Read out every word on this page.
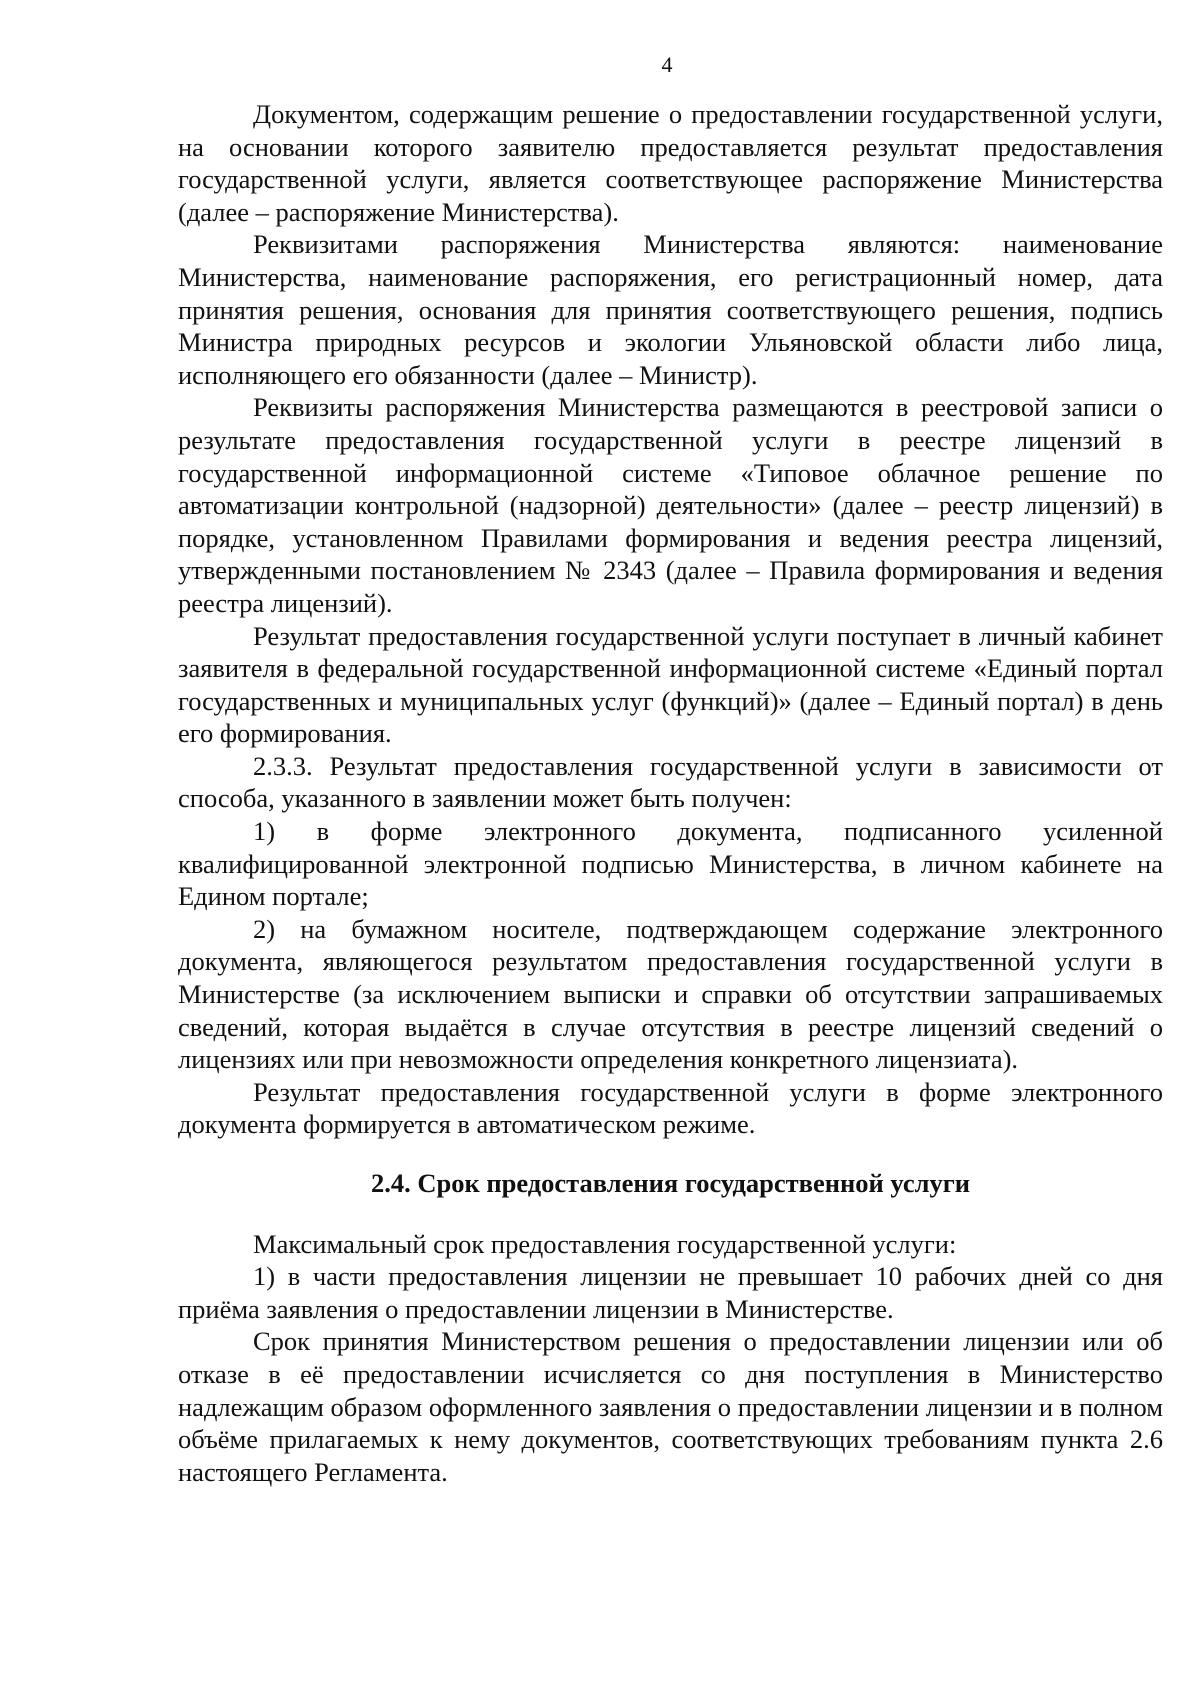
4

Документом, содержащим решение о предоставлении государственной услуги, на основании которого заявителю предоставляется результат предоставления государственной услуги, является соответствующее распоряжение Министерства (далее – распоряжение Министерства).

Реквизитами распоряжения Министерства являются: наименование Министерства, наименование распоряжения, его регистрационный номер, дата принятия решения, основания для принятия соответствующего решения, подпись Министра природных ресурсов и экологии Ульяновской области либо лица, исполняющего его обязанности (далее – Министр).

Реквизиты распоряжения Министерства размещаются в реестровой записи о результате предоставления государственной услуги в реестре лицензий в государственной информационной системе «Типовое облачное решение по автоматизации контрольной (надзорной) деятельности» (далее – реестр лицензий) в порядке, установленном Правилами формирования и ведения реестра лицензий, утвержденными постановлением № 2343 (далее – Правила формирования и ведения реестра лицензий).

Результат предоставления государственной услуги поступает в личный кабинет заявителя в федеральной государственной информационной системе «Единый портал государственных и муниципальных услуг (функций)» (далее – Единый портал) в день его формирования.

2.3.3. Результат предоставления государственной услуги в зависимости от способа, указанного в заявлении может быть получен:

1) в форме электронного документа, подписанного усиленной квалифицированной электронной подписью Министерства, в личном кабинете на Едином портале;

2) на бумажном носителе, подтверждающем содержание электронного документа, являющегося результатом предоставления государственной услуги в Министерстве (за исключением выписки и справки об отсутствии запрашиваемых сведений, которая выдаётся в случае отсутствия в реестре лицензий сведений о лицензиях или при невозможности определения конкретного лицензиата).

Результат предоставления государственной услуги в форме электронного документа формируется в автоматическом режиме.

2.4. Срок предоставления государственной услуги

Максимальный срок предоставления государственной услуги:

1) в части предоставления лицензии не превышает 10 рабочих дней со дня приёма заявления о предоставлении лицензии в Министерстве.

Срок принятия Министерством решения о предоставлении лицензии или об отказе в её предоставлении исчисляется со дня поступления в Министерство надлежащим образом оформленного заявления о предоставлении лицензии и в полном объёме прилагаемых к нему документов, соответствующих требованиям пункта 2.6 настоящего Регламента.
